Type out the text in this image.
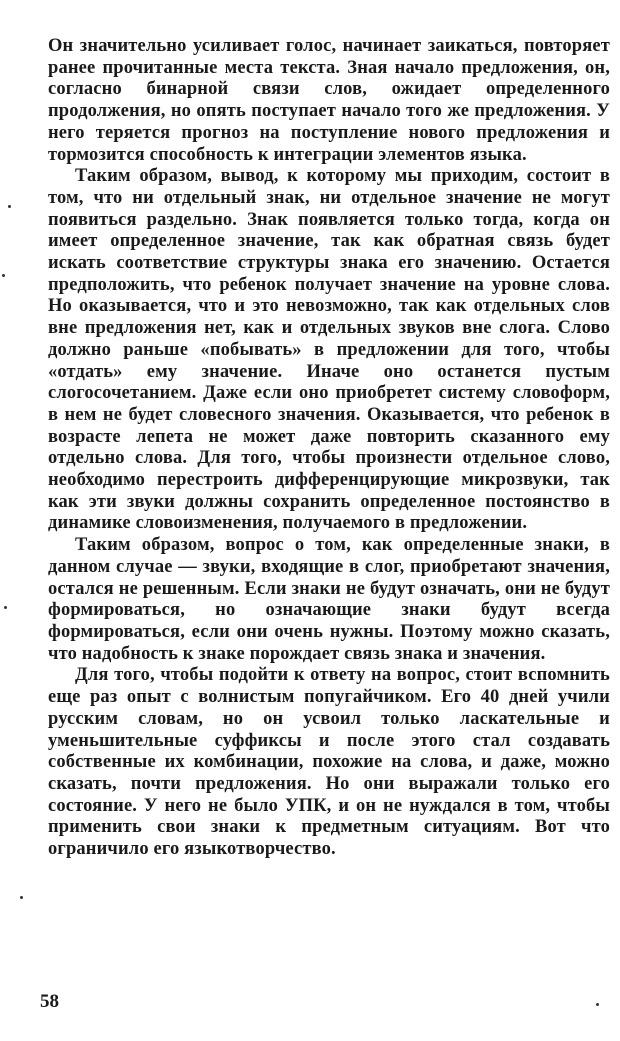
Он значительно усиливает голос, начинает заикаться, повторяет ранее прочитанные места текста. Зная начало предложения, он, согласно бинарной связи слов, ожидает определенного продолжения, но опять поступает начало того же предложения. У него теряется прогноз на поступление нового предложения и тормозится способность к интеграции элементов языка.

Таким образом, вывод, к которому мы приходим, состоит в том, что ни отдельный знак, ни отдельное значение не могут появиться раздельно. Знак появляется только тогда, когда он имеет определенное значение, так как обратная связь будет искать соответствие структуры знака его значению. Остается предположить, что ребенок получает значение на уровне слова. Но оказывается, что и это невозможно, так как отдельных слов вне предложения нет, как и отдельных звуков вне слога. Слово должно раньше «побывать» в предложении для того, чтобы «отдать» ему значение. Иначе оно останется пустым слогосочетанием. Даже если оно приобретет систему словоформ, в нем не будет словесного значения. Оказывается, что ребенок в возрасте лепета не может даже повторить сказанного ему отдельно слова. Для того, чтобы произнести отдельное слово, необходимо перестроить дифференцирующие микрозвуки, так как эти звуки должны сохранить определенное постоянство в динамике словоизменения, получаемого в предложении.

Таким образом, вопрос о том, как определенные знаки, в данном случае — звуки, входящие в слог, приобретают значения, остался не решенным. Если знаки не будут означать, они не будут формироваться, но означающие знаки будут всегда формироваться, если они очень нужны. Поэтому можно сказать, что надобность к знаке порождает связь знака и значения.

Для того, чтобы подойти к ответу на вопрос, стоит вспомнить еще раз опыт с волнистым попугайчиком. Его 40 дней учили русским словам, но он усвоил только ласкательные и уменьшительные суффиксы и после этого стал создавать собственные их комбинации, похожие на слова, и даже, можно сказать, почти предложения. Но они выражали только его состояние. У него не было УПК, и он не нуждался в том, чтобы применить свои знаки к предметным ситуациям. Вот что ограничило его языкотворчество.

58
